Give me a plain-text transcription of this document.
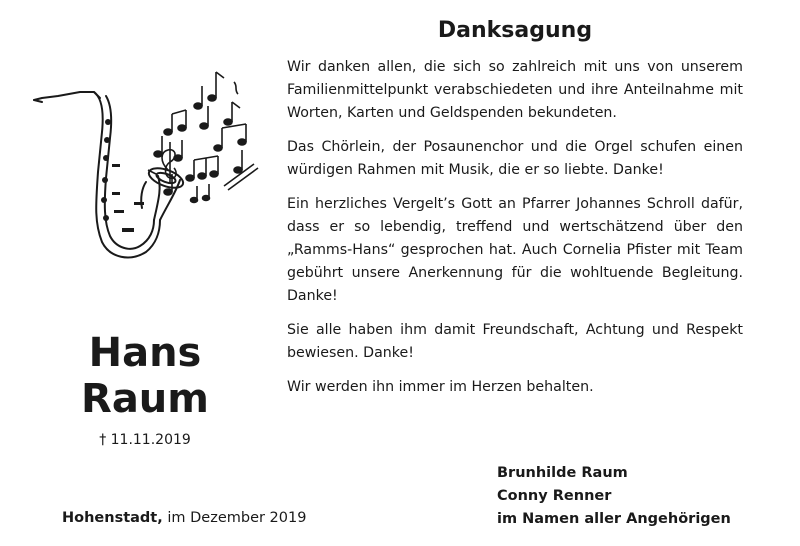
Hans
Raum
† 11.11.2019
Danksagung

Wir danken allen, die sich so zahlreich mit uns von unserem Familienmittelpunkt verabschiedeten und ihre Anteilnahme mit Worten, Karten und Geldspenden bekundeten.

Das Chörlein, der Posaunenchor und die Orgel schufen einen würdigen Rahmen mit Musik, die er so liebte. Danke!

Ein herzliches Vergelt’s Gott an Pfarrer Johannes Schroll dafür, dass er so lebendig, treffend und wertschätzend über den „Ramms-Hans“ gesprochen hat. Auch Cornelia Pfister mit Team gebührt unsere Anerkennung für die wohltuende Begleitung. Danke!

Sie alle haben ihm damit Freundschaft, Achtung und Respekt bewiesen. Danke!

Wir werden ihn immer im Herzen behalten.

Brunhilde Raum
Conny Renner
im Namen aller Angehörigen
Hohenstadt, im Dezember 2019
